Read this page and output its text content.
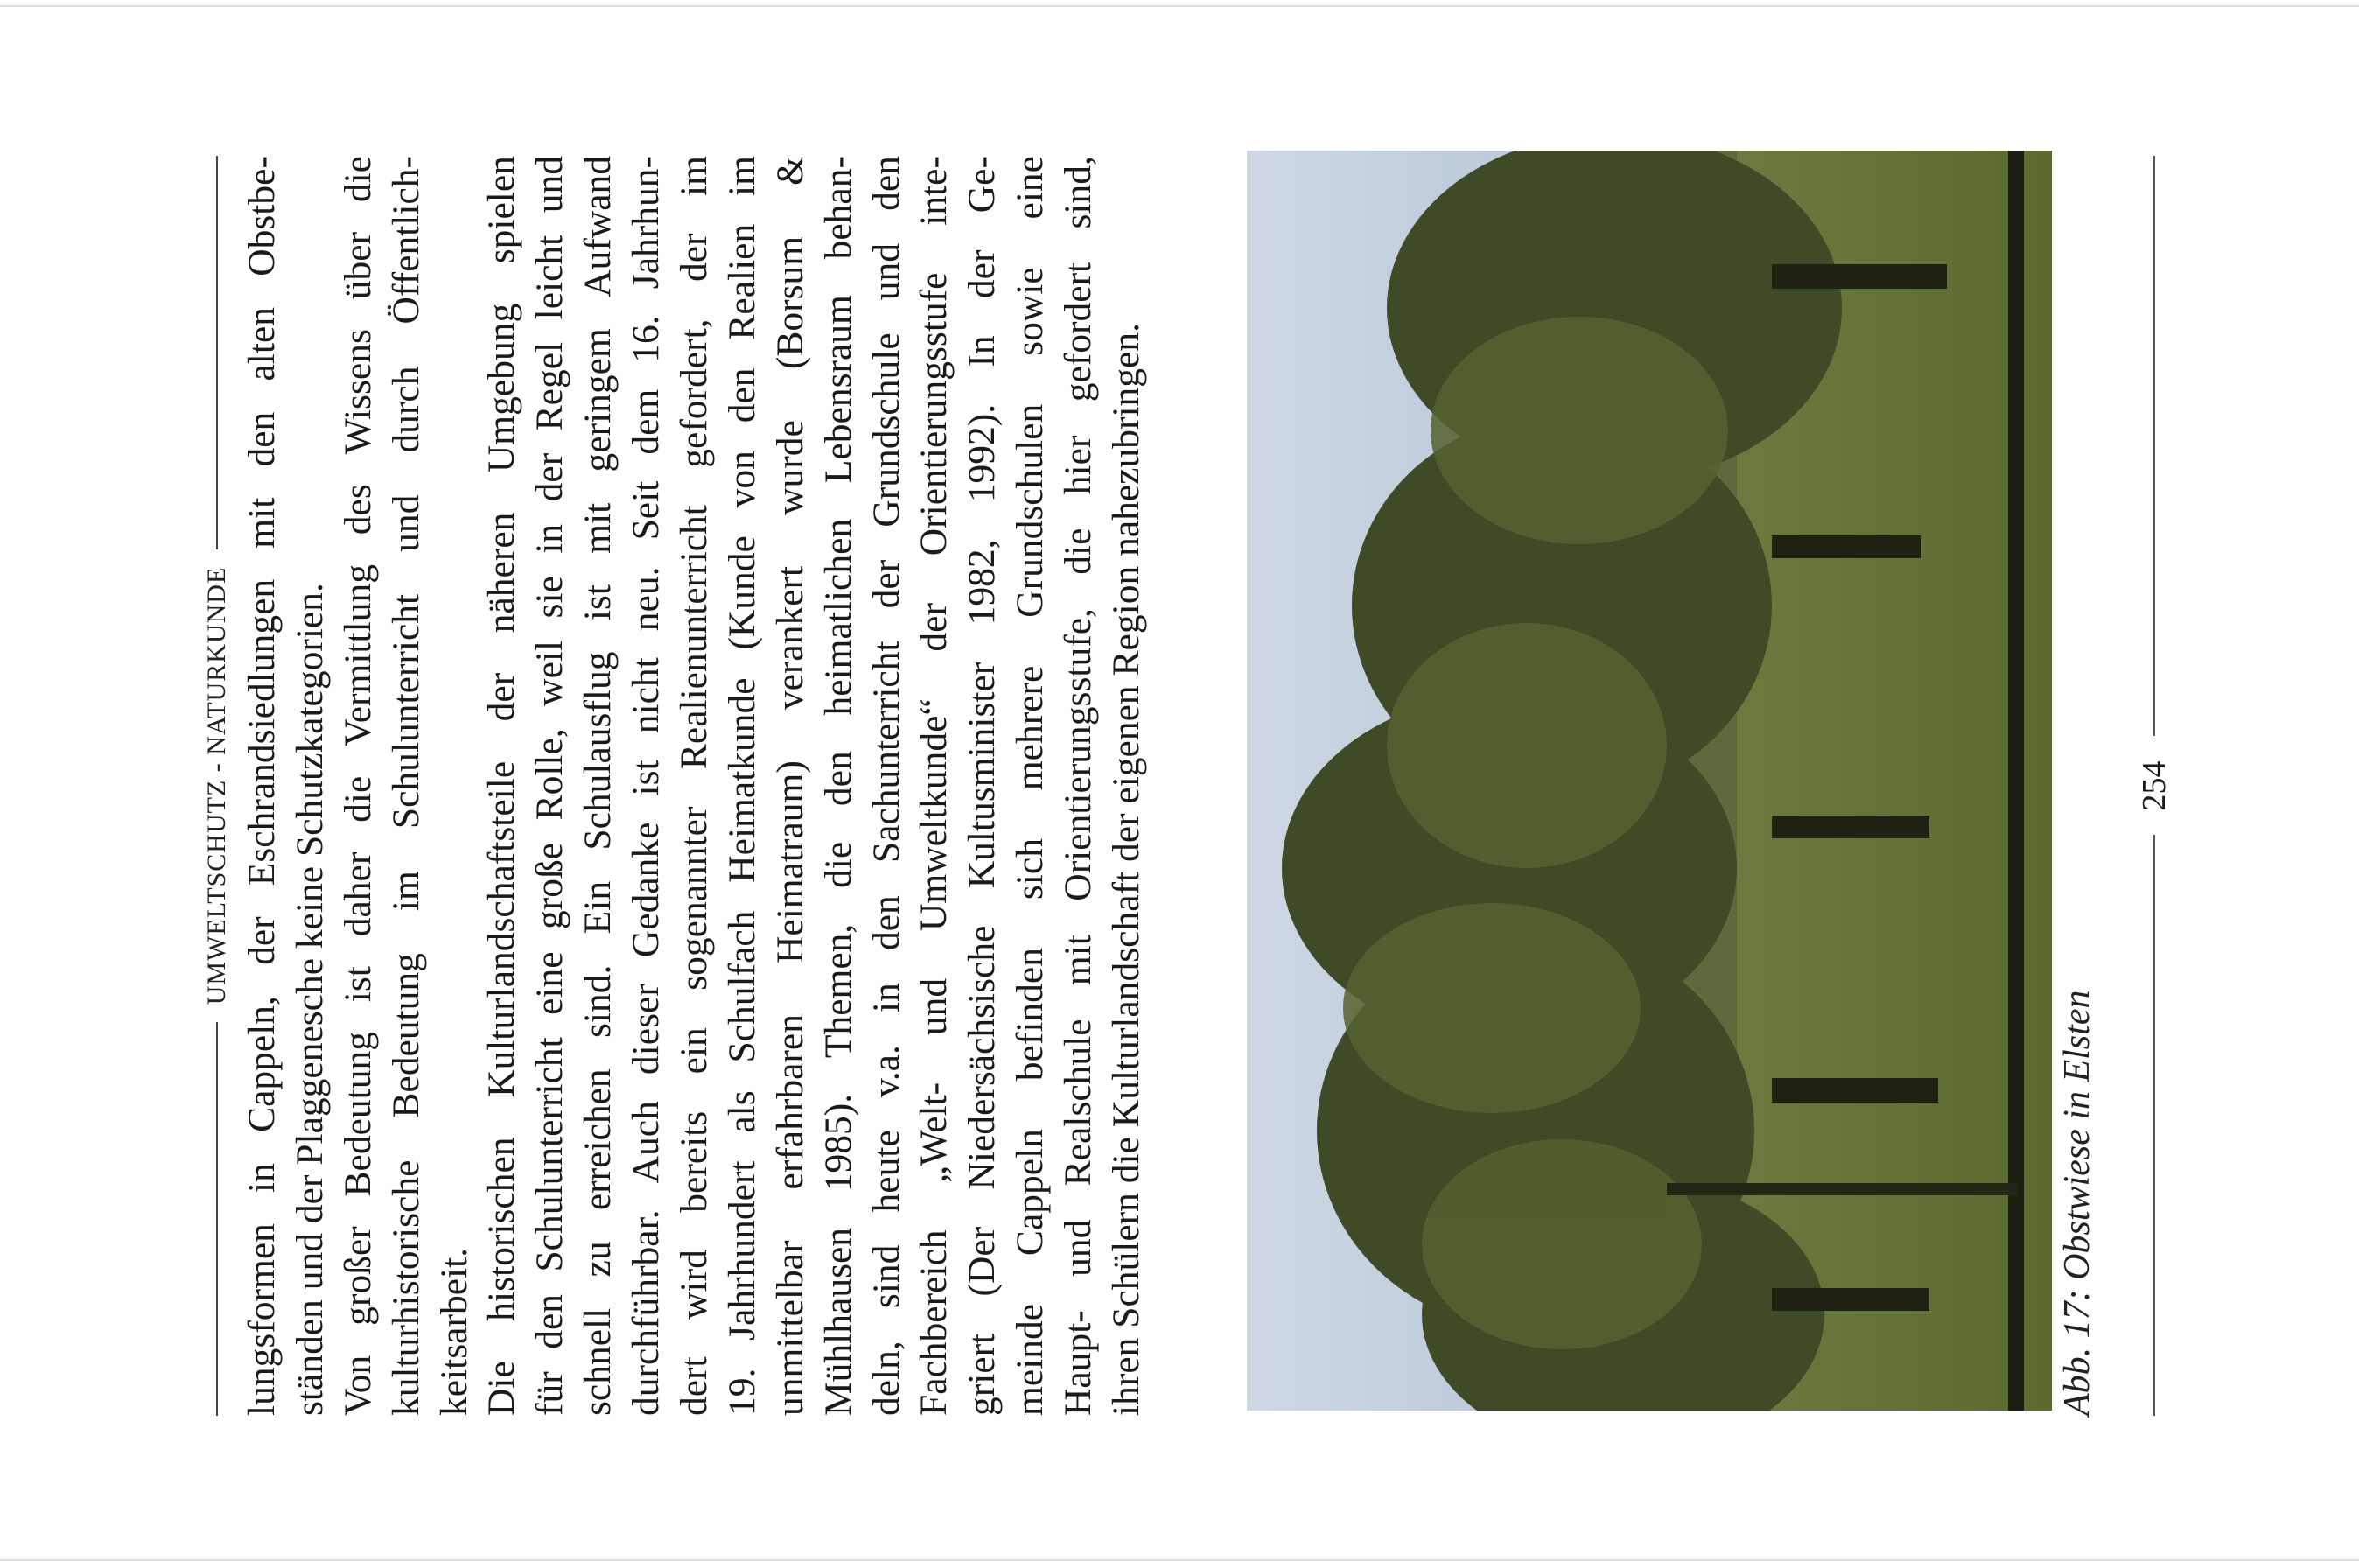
UMWELTSCHUTZ - NATURKUNDE
lungsformen
in
Cappeln,
der
Eschrandsiedlungen
mit
den
alten
Obstbe-
ständen und der Plaggenesche keine Schutzkategorien. Von
großer
Bedeutung
ist
daher
die
Vermittlung
des
Wissens
über
die
kulturhistorische
Bedeutung
im
Schulunterricht
und
durch
Öffentlich-
keitsarbeit. Die
historischen
Kulturlandschaftsteile
der
näheren
Umgebung
spielen
für
den
Schulunterricht
eine
große
Rolle,
weil
sie
in
der
Regel
leicht
und
schnell
zu
erreichen
sind.
Ein
Schulausflug
ist
mit
geringem
Aufwand
durchführbar.
Auch
dieser
Gedanke
ist
nicht
neu.
Seit
dem
16.
Jahrhun-
dert
wird
bereits
ein
sogenannter
Realienunterricht
gefordert,
der
im
19.
Jahrhundert
als
Schulfach
Heimatkunde
(Kunde
von
den
Realien
im
unmittelbar
erfahrbaren
Heimatraum)
verankert
wurde
(Borsum
&
Mühlhausen
1985).
Themen,
die
den
heimatlichen
Lebensraum
behan-
deln,
sind
heute
v.a.
in
den
Sachunterricht
der
Grundschule
und
den
Fachbereich
„Welt-
und
Umweltkunde“
der
Orientierungsstufe
inte-
griert
(Der
Niedersächsische
Kultusminister
1982,
1992).
In
der
Ge-
meinde
Cappeln
befinden
sich
mehrere
Grundschulen
sowie
eine
Haupt-
und
Realschule
mit
Orientierungsstufe,
die
hier
gefordert
sind,
ihren Schülern die Kulturlandschaft der eigenen Region nahezubringen.	Abb. 17: Obstwiese in Elsten
254
